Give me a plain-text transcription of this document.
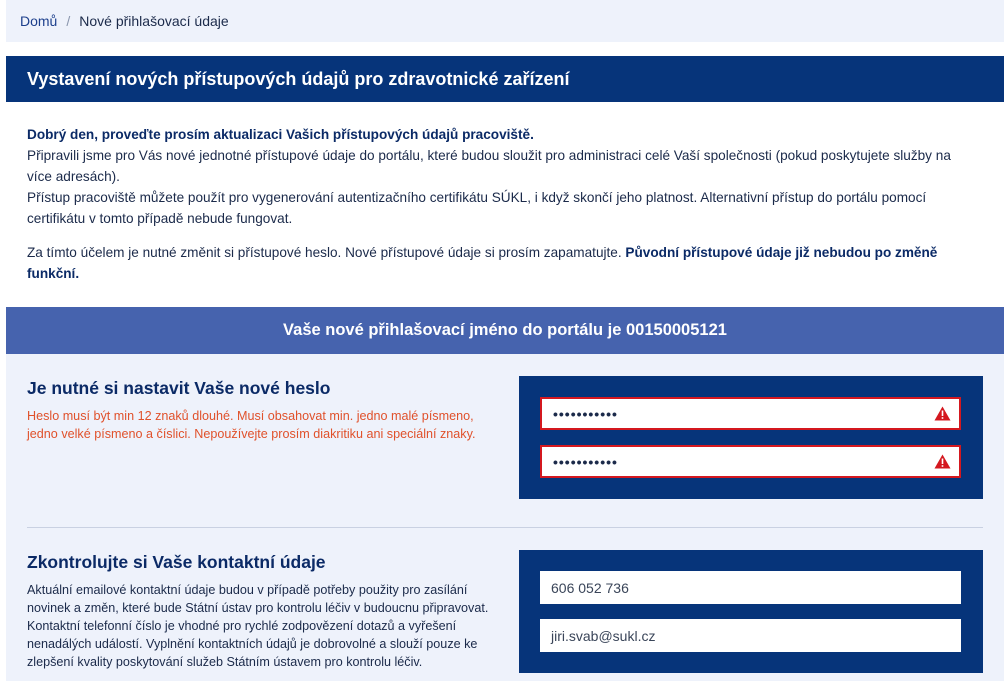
Domů / Nové přihlašovací údaje
Vystavení nových přístupových údajů pro zdravotnické zařízení

Dobrý den, proveďte prosím aktualizaci Vašich přístupových údajů pracoviště.

Připravili jsme pro Vás nové jednotné přístupové údaje do portálu, které budou sloužit pro administraci celé Vaší společnosti (pokud poskytujete služby na více adresách).

Přístup pracoviště můžete použít pro vygenerování autentizačního certifikátu SÚKL, i když skončí jeho platnost. Alternativní přístup do portálu pomocí certifikátu v tomto případě nebude fungovat.

Za tímto účelem je nutné změnit si přístupové heslo. Nové přístupové údaje si prosím zapamatujte. Původní přístupové údaje již nebudou po změně funkční.

Vaše nové přihlašovací jméno do portálu je 00150005121
Je nutné si nastavit Vaše nové heslo
Heslo musí být min 12 znaků dlouhé. Musí obsahovat min. jedno malé písmeno, jedno velké písmeno a číslici. Nepoužívejte prosím diakritiku ani speciální znaky.
•••••••••••
•••••••••••
Zkontrolujte si Vaše kontaktní údaje
Aktuální emailové kontaktní údaje budou v případě potřeby použity pro zasílání novinek a změn, které bude Státní ústav pro kontrolu léčiv v budoucnu připravovat. Kontaktní telefonní číslo je vhodné pro rychlé zodpovězení dotazů a vyřešení nenadálých událostí. Vyplnění kontaktních údajů je dobrovolné a slouží pouze ke zlepšení kvality poskytování služeb Státním ústavem pro kontrolu léčiv.
606 052 736
jiri.svab@sukl.cz
